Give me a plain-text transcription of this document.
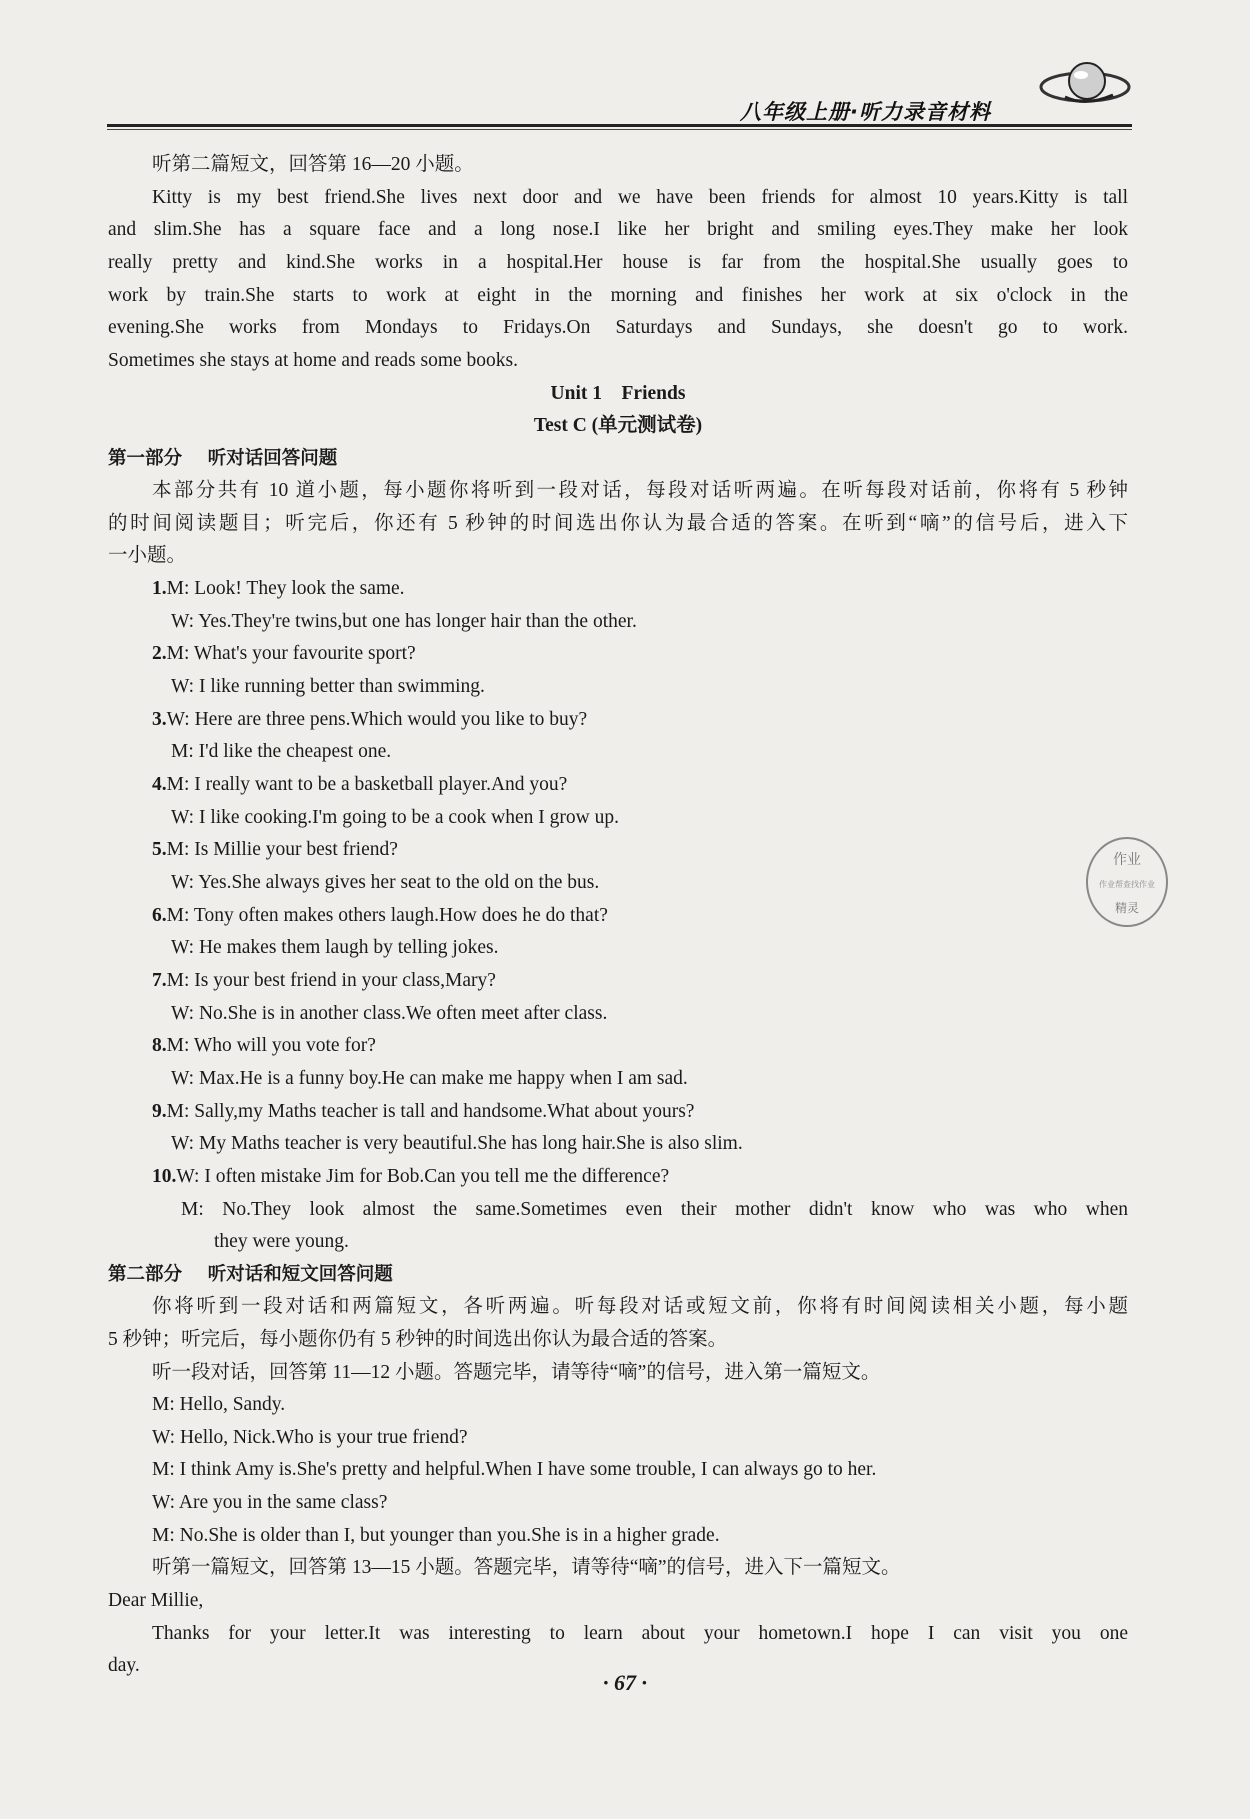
八年级上册·听力录音材料

听第二篇短文，回答第 16—20 小题。

Kitty is my best friend.She lives next door and we have been friends for almost 10 years.Kitty is tall

and slim.She has a square face and a long nose.I like her bright and smiling eyes.They make her look

really pretty and kind.She works in a hospital.Her house is far from the hospital.She usually goes to

work by train.She starts to work at eight in the morning and finishes her work at six o'clock in the

evening.She works from Mondays to Fridays.On Saturdays and Sundays, she doesn't go to work.

Sometimes she stays at home and reads some books.

Unit 1    Friends

Test C (单元测试卷)

第一部分    听对话回答问题

本部分共有 10 道小题，每小题你将听到一段对话，每段对话听两遍。在听每段对话前，你将有 5 秒钟

的时间阅读题目；听完后，你还有 5 秒钟的时间选出你认为最合适的答案。在听到“嘀”的信号后，进入下

一小题。

1.M: Look! They look the same.

W: Yes.They're twins,but one has longer hair than the other.

2.M: What's your favourite sport?

W: I like running better than swimming.

3.W: Here are three pens.Which would you like to buy?

M: I'd like the cheapest one.

4.M: I really want to be a basketball player.And you?

W: I like cooking.I'm going to be a cook when I grow up.

5.M: Is Millie your best friend?

W: Yes.She always gives her seat to the old on the bus.

6.M: Tony often makes others laugh.How does he do that?

W: He makes them laugh by telling jokes.

7.M: Is your best friend in your class,Mary?

W: No.She is in another class.We often meet after class.

8.M: Who will you vote for?

W: Max.He is a funny boy.He can make me happy when I am sad.

9.M: Sally,my Maths teacher is tall and handsome.What about yours?

W: My Maths teacher is very beautiful.She has long hair.She is also slim.

10.W: I often mistake Jim for Bob.Can you tell me the difference?

M: No.They look almost the same.Sometimes even their mother didn't know who was who when

they were young.

第二部分    听对话和短文回答问题

你将听到一段对话和两篇短文，各听两遍。听每段对话或短文前，你将有时间阅读相关小题，每小题

5 秒钟；听完后，每小题你仍有 5 秒钟的时间选出你认为最合适的答案。

听一段对话，回答第 11—12 小题。答题完毕，请等待“嘀”的信号，进入第一篇短文。

M: Hello, Sandy.

W: Hello, Nick.Who is your true friend?

M: I think Amy is.She's pretty and helpful.When I have some trouble, I can always go to her.

W: Are you in the same class?

M: No.She is older than I, but younger than you.She is in a higher grade.

听第一篇短文，回答第 13—15 小题。答题完毕，请等待“嘀”的信号，进入下一篇短文。

Dear Millie,

Thanks for your letter.It was interesting to learn about your hometown.I hope I can visit you one

day.

作业
作业帮查找作业
精灵
· 67 ·
